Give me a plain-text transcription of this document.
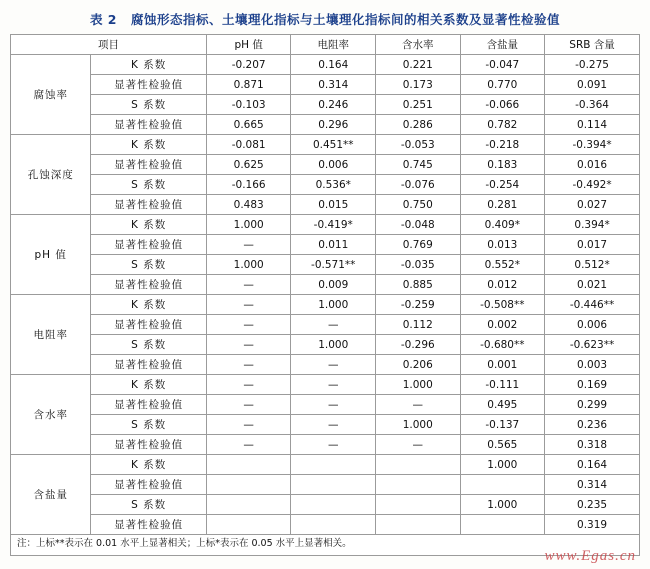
表 2 腐蚀形态指标、土壤理化指标与土壤理化指标间的相关系数及显著性检验值
项目		pH 值	电阻率	含水率	含盐量	SRB 含量
腐蚀率	K 系数	-0.207	0.164	0.221	-0.047	-0.275
	显著性检验值	0.871	0.314	0.173	0.770	0.091
	S 系数	-0.103	0.246	0.251	-0.066	-0.364
	显著性检验值	0.665	0.296	0.286	0.782	0.114
孔蚀深度	K 系数	-0.081	0.451**	-0.053	-0.218	-0.394*
	显著性检验值	0.625	0.006	0.745	0.183	0.016
	S 系数	-0.166	0.536*	-0.076	-0.254	-0.492*
	显著性检验值	0.483	0.015	0.750	0.281	0.027
pH 值	K 系数	1.000	-0.419*	-0.048	0.409*	0.394*
	显著性检验值	—	0.011	0.769	0.013	0.017
	S 系数	1.000	-0.571**	-0.035	0.552*	0.512*
	显著性检验值	—	0.009	0.885	0.012	0.021
电阻率	K 系数	—	1.000	-0.259	-0.508**	-0.446**
	显著性检验值	—	—	0.112	0.002	0.006
	S 系数	—	1.000	-0.296	-0.680**	-0.623**
	显著性检验值	—	—	0.206	0.001	0.003
含水率	K 系数	—	—	1.000	-0.111	0.169
	显著性检验值	—	—	—	0.495	0.299
	S 系数	—	—	1.000	-0.137	0.236
	显著性检验值	—	—	—	0.565	0.318
含盐量	K 系数				1.000	0.164
	显著性检验值					0.314
	S 系数				1.000	0.235
	显著性检验值					0.319
注：上标**表示在 0.01 水平上显著相关；上标*表示在 0.05 水平上显著相关。
www.Egas.cn
